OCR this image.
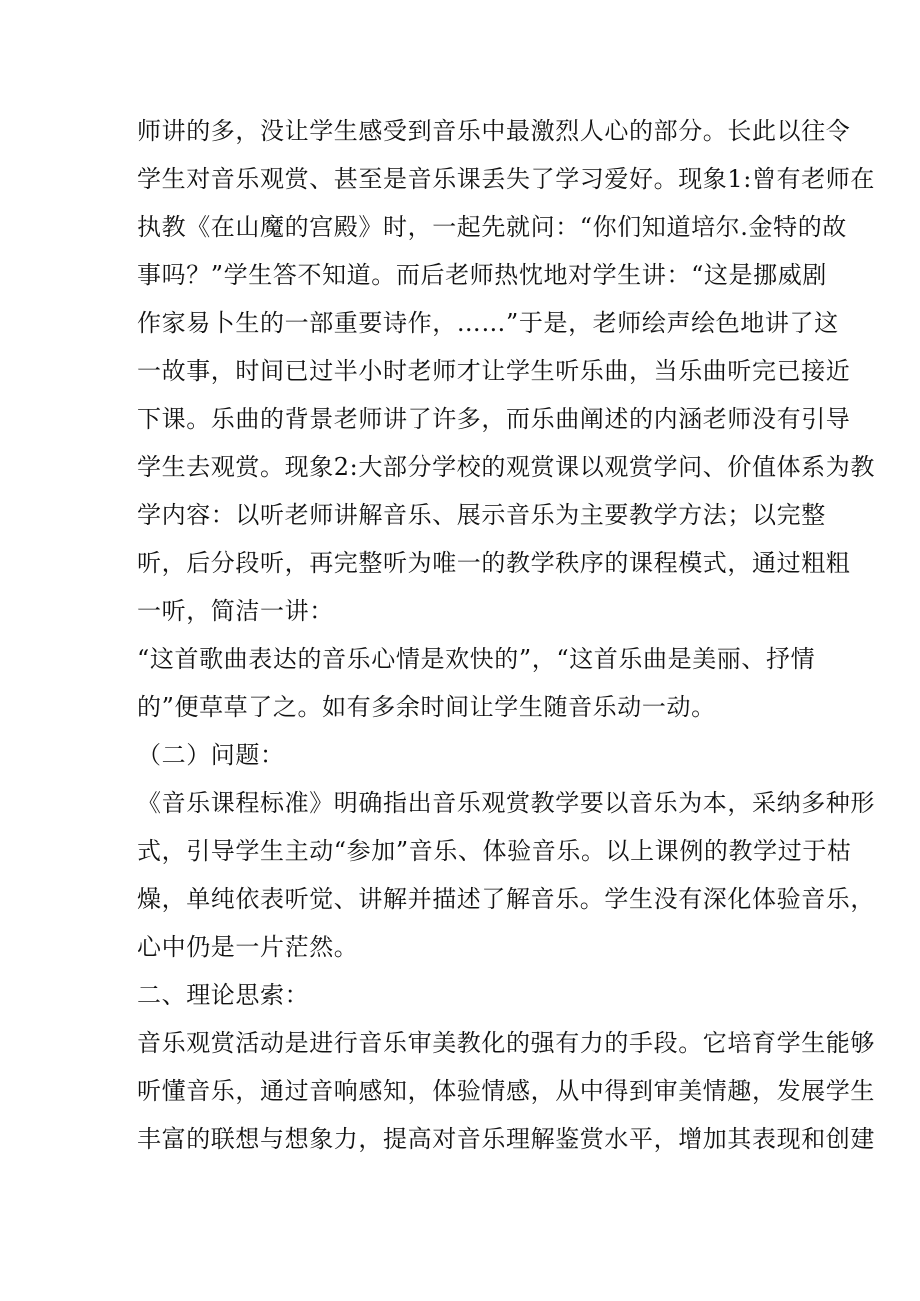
师讲的多，没让学生感受到音乐中最激烈人心的部分。长此以往令

学生对音乐观赏、甚至是音乐课丢失了学习爱好。现象1:曾有老师在

执教《在山魔的宫殿》时，一起先就问：“你们知道培尔.金特的故

事吗？”学生答不知道。而后老师热忱地对学生讲：“这是挪威剧

作家易卜生的一部重要诗作，……”于是，老师绘声绘色地讲了这

一故事，时间已过半小时老师才让学生听乐曲，当乐曲听完已接近

下课。乐曲的背景老师讲了许多，而乐曲阐述的内涵老师没有引导

学生去观赏。现象2:大部分学校的观赏课以观赏学问、价值体系为教

学内容：以听老师讲解音乐、展示音乐为主要教学方法；以完整

听，后分段听，再完整听为唯一的教学秩序的课程模式，通过粗粗

一听，简洁一讲：

“这首歌曲表达的音乐心情是欢快的”，“这首乐曲是美丽、抒情

的”便草草了之。如有多余时间让学生随音乐动一动。

（二）问题：

《音乐课程标准》明确指出音乐观赏教学要以音乐为本，采纳多种形

式，引导学生主动“参加”音乐、体验音乐。以上课例的教学过于枯

燥，单纯依表听觉、讲解并描述了解音乐。学生没有深化体验音乐，

心中仍是一片茫然。

二、理论思索：

音乐观赏活动是进行音乐审美教化的强有力的手段。它培育学生能够

听懂音乐，通过音响感知，体验情感，从中得到审美情趣，发展学生

丰富的联想与想象力，提高对音乐理解鉴赏水平，增加其表现和创建
